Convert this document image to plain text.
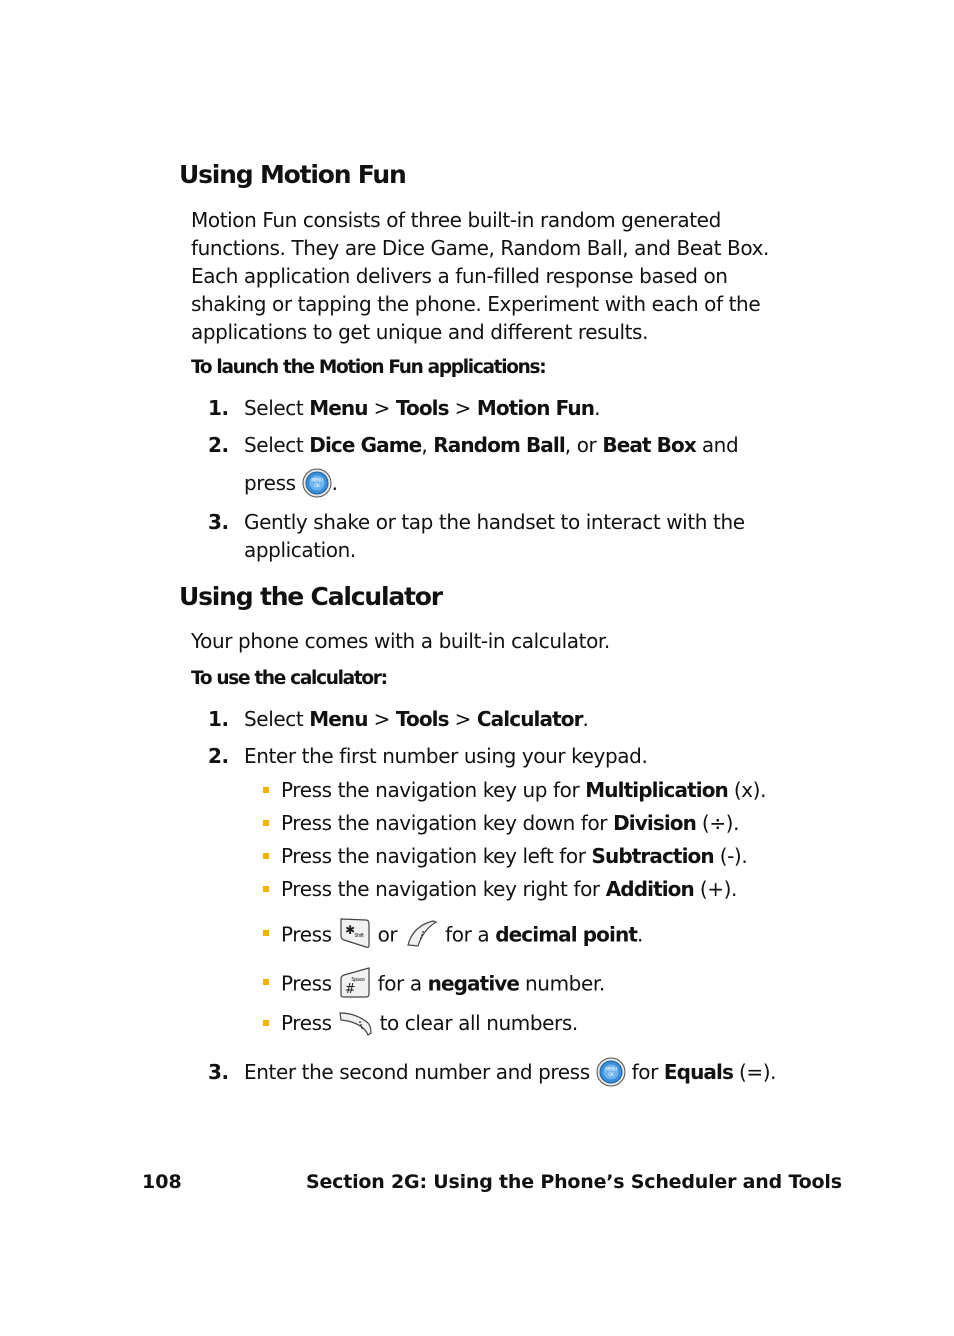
Using Motion Fun

Motion Fun consists of three built-in random generated functions. They are Dice Game, Random Ball, and Beat Box. Each application delivers a fun-filled response based on shaking or tapping the phone. Experiment with each of the applications to get unique and different results.

To launch the Motion Fun applications:

1. Select Menu > Tools > Motion Fun.
2. Select Dice Game, Random Ball, or Beat Box and
press MENU
OK .
3. Gently shake or tap the handset to interact with the application.
Using the Calculator

Your phone comes with a built-in calculator.

To use the calculator:

1. Select Menu > Tools > Calculator.
2. Enter the first number using your keypad.
Press the navigation key up for Multiplication (x).
Press the navigation key down for Division (÷).
Press the navigation key left for Subtraction (-).
Press the navigation key right for Addition (+).
Press ✱ Shift or  for a decimal point.
Press #
Space for a negative number.
Press  to clear all numbers.
3. Enter the second number and press MENU
OK for Equals (=).
108	Section 2G: Using the Phone’s Scheduler and Tools
